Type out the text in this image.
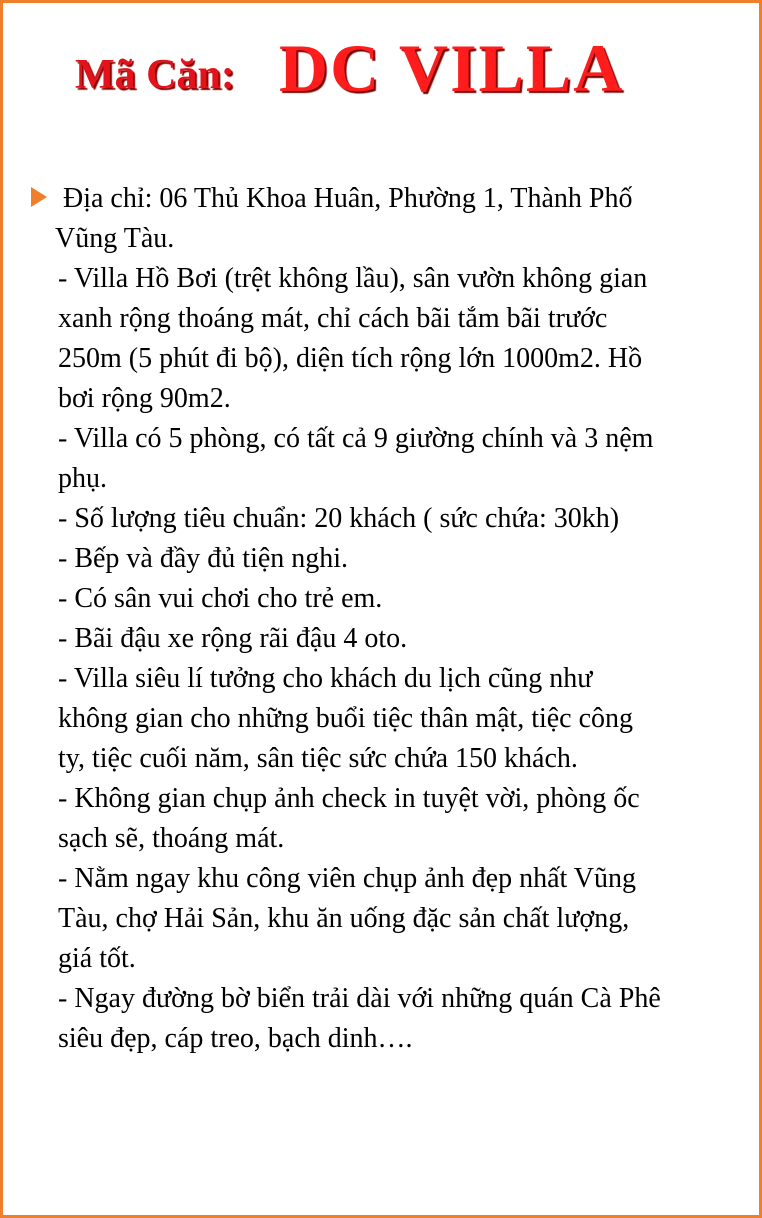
Mã Căn: DC VILLA
Địa chỉ: 06 Thủ Khoa Huân, Phường 1, Thành Phố
Vũng Tàu.
- Villa Hồ Bơi (trệt không lầu), sân vườn không gian
xanh rộng thoáng mát, chỉ cách bãi tắm bãi trước
250m (5 phút đi bộ), diện tích rộng lớn 1000m2. Hồ
bơi rộng 90m2.
- Villa có 5 phòng, có tất cả 9 giường chính và 3 nệm
phụ.
- Số lượng tiêu chuẩn: 20 khách ( sức chứa: 30kh)
- Bếp và đầy đủ tiện nghi.
- Có sân vui chơi cho trẻ em.
- Bãi đậu xe rộng rãi đậu 4 oto.
- Villa siêu lí tưởng cho khách du lịch cũng như
không gian cho những buổi tiệc thân mật, tiệc công
ty, tiệc cuối năm, sân tiệc sức chứa 150 khách.
- Không gian chụp ảnh check in tuyệt vời, phòng ốc
sạch sẽ, thoáng mát.
- Nằm ngay khu công viên chụp ảnh đẹp nhất Vũng
Tàu, chợ Hải Sản, khu ăn uống đặc sản chất lượng,
giá tốt.
- Ngay đường bờ biển trải dài với những quán Cà Phê
siêu đẹp, cáp treo, bạch dinh….
